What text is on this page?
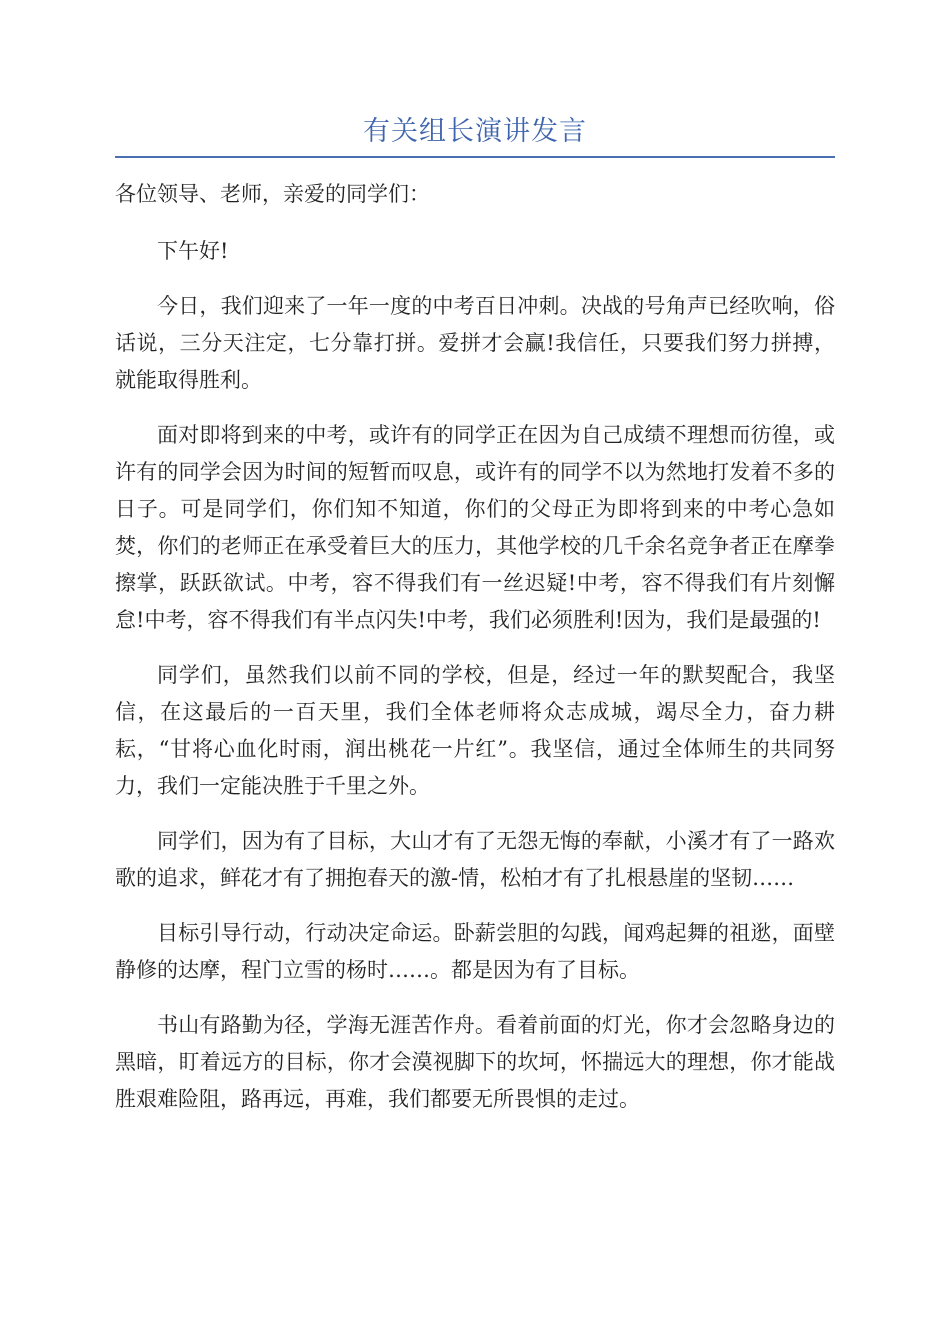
有关组长演讲发言

各位领导、老师，亲爱的同学们：

下午好!

今日，我们迎来了一年一度的中考百日冲刺。决战的号角声已经吹响，俗话说，三分天注定，七分靠打拼。爱拼才会赢!我信任，只要我们努力拼搏，就能取得胜利。

面对即将到来的中考，或许有的同学正在因为自己成绩不理想而彷徨，或许有的同学会因为时间的短暂而叹息，或许有的同学不以为然地打发着不多的日子。可是同学们，你们知不知道，你们的父母正为即将到来的中考心急如焚，你们的老师正在承受着巨大的压力，其他学校的几千余名竞争者正在摩拳擦掌，跃跃欲试。中考，容不得我们有一丝迟疑!中考，容不得我们有片刻懈怠!中考，容不得我们有半点闪失!中考，我们必须胜利!因为，我们是最强的!

同学们，虽然我们以前不同的学校，但是，经过一年的默契配合，我坚信，在这最后的一百天里，我们全体老师将众志成城，竭尽全力，奋力耕耘，“甘将心血化时雨，润出桃花一片红”。我坚信，通过全体师生的共同努力，我们一定能决胜于千里之外。

同学们，因为有了目标，大山才有了无怨无悔的奉献，小溪才有了一路欢歌的追求，鲜花才有了拥抱春天的激-情，松柏才有了扎根悬崖的坚韧……

目标引导行动，行动决定命运。卧薪尝胆的勾践，闻鸡起舞的祖逖，面壁静修的达摩，程门立雪的杨时……。都是因为有了目标。

书山有路勤为径，学海无涯苦作舟。看着前面的灯光，你才会忽略身边的黑暗，盯着远方的目标，你才会漠视脚下的坎坷，怀揣远大的理想，你才能战胜艰难险阻，路再远，再难，我们都要无所畏惧的走过。
